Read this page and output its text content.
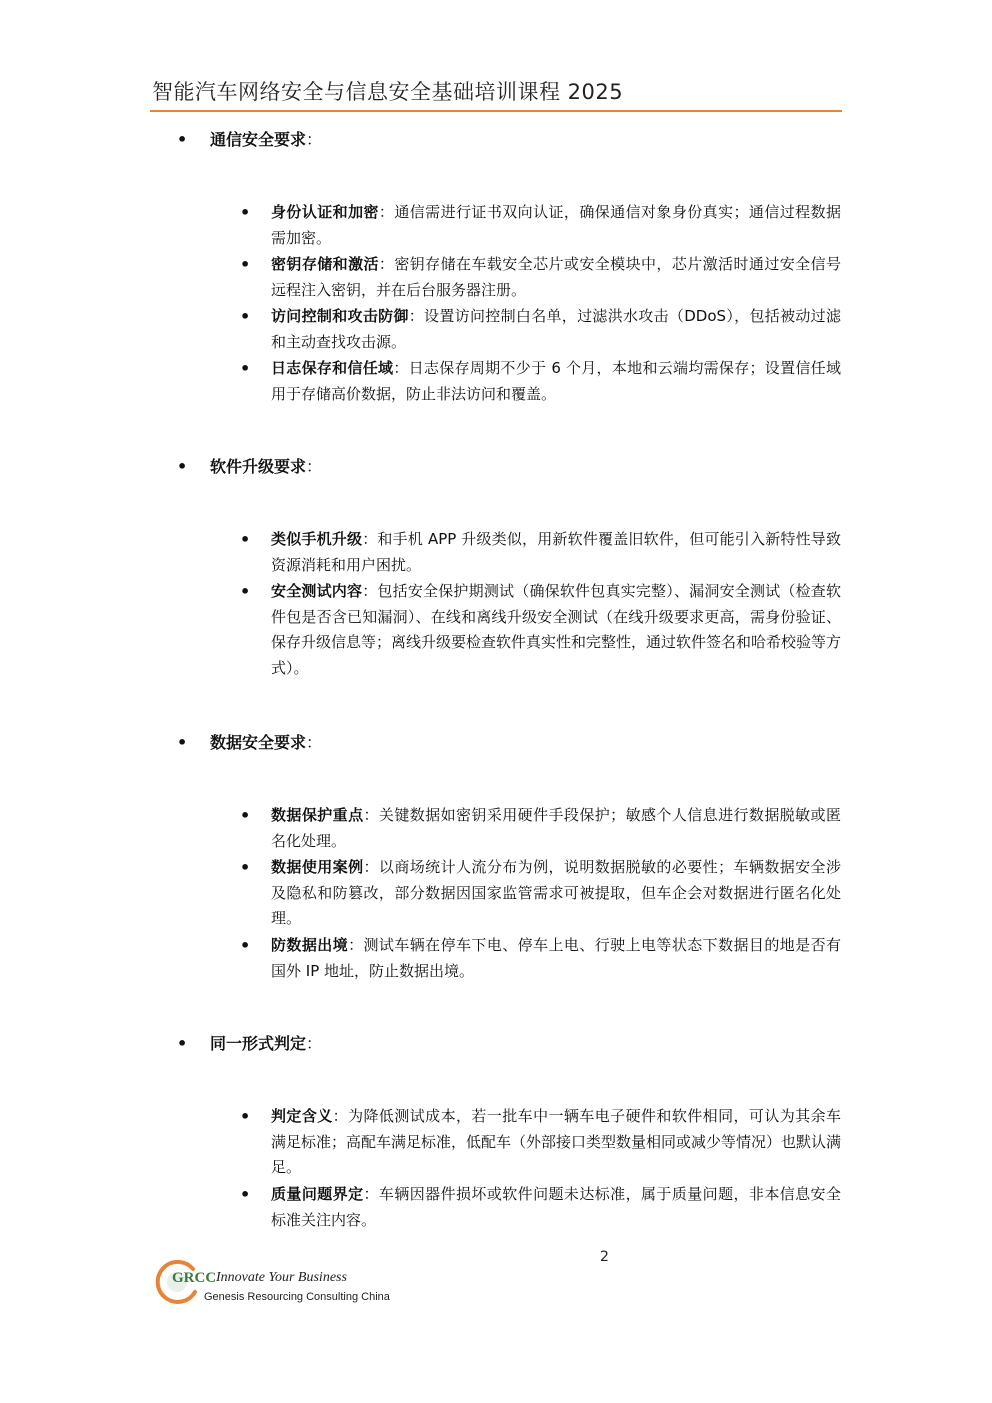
智能汽车网络安全与信息安全基础培训课程 2025
• 通信安全要求：
• 身份认证和加密：通信需进行证书双向认证，确保通信对象身份真实；通信过程数据需加密。
• 密钥存储和激活：密钥存储在车载安全芯片或安全模块中，芯片激活时通过安全信号远程注入密钥，并在后台服务器注册。
• 访问控制和攻击防御：设置访问控制白名单，过滤洪水攻击（DDoS），包括被动过滤和主动查找攻击源。
• 日志保存和信任域：日志保存周期不少于 6 个月，本地和云端均需保存；设置信任域用于存储高价数据，防止非法访问和覆盖。
• 软件升级要求：
• 类似手机升级：和手机 APP 升级类似，用新软件覆盖旧软件，但可能引入新特性导致资源消耗和用户困扰。
• 安全测试内容：包括安全保护期测试（确保软件包真实完整）、漏洞安全测试（检查软件包是否含已知漏洞）、在线和离线升级安全测试（在线升级要求更高，需身份验证、保存升级信息等；离线升级要检查软件真实性和完整性，通过软件签名和哈希校验等方式）。
• 数据安全要求：
• 数据保护重点：关键数据如密钥采用硬件手段保护；敏感个人信息进行数据脱敏或匿名化处理。
• 数据使用案例：以商场统计人流分布为例，说明数据脱敏的必要性；车辆数据安全涉及隐私和防篡改，部分数据因国家监管需求可被提取，但车企会对数据进行匿名化处理。
• 防数据出境：测试车辆在停车下电、停车上电、行驶上电等状态下数据目的地是否有国外 IP 地址，防止数据出境。
• 同一形式判定：
• 判定含义：为降低测试成本，若一批车中一辆车电子硬件和软件相同，可认为其余车满足标准；高配车满足标准，低配车（外部接口类型数量相同或减少等情况）也默认满足。
• 质量问题界定：车辆因器件损坏或软件问题未达标准，属于质量问题，非本信息安全标准关注内容。
2
GRCC Innovate Your Business
Genesis Resourcing Consulting China
